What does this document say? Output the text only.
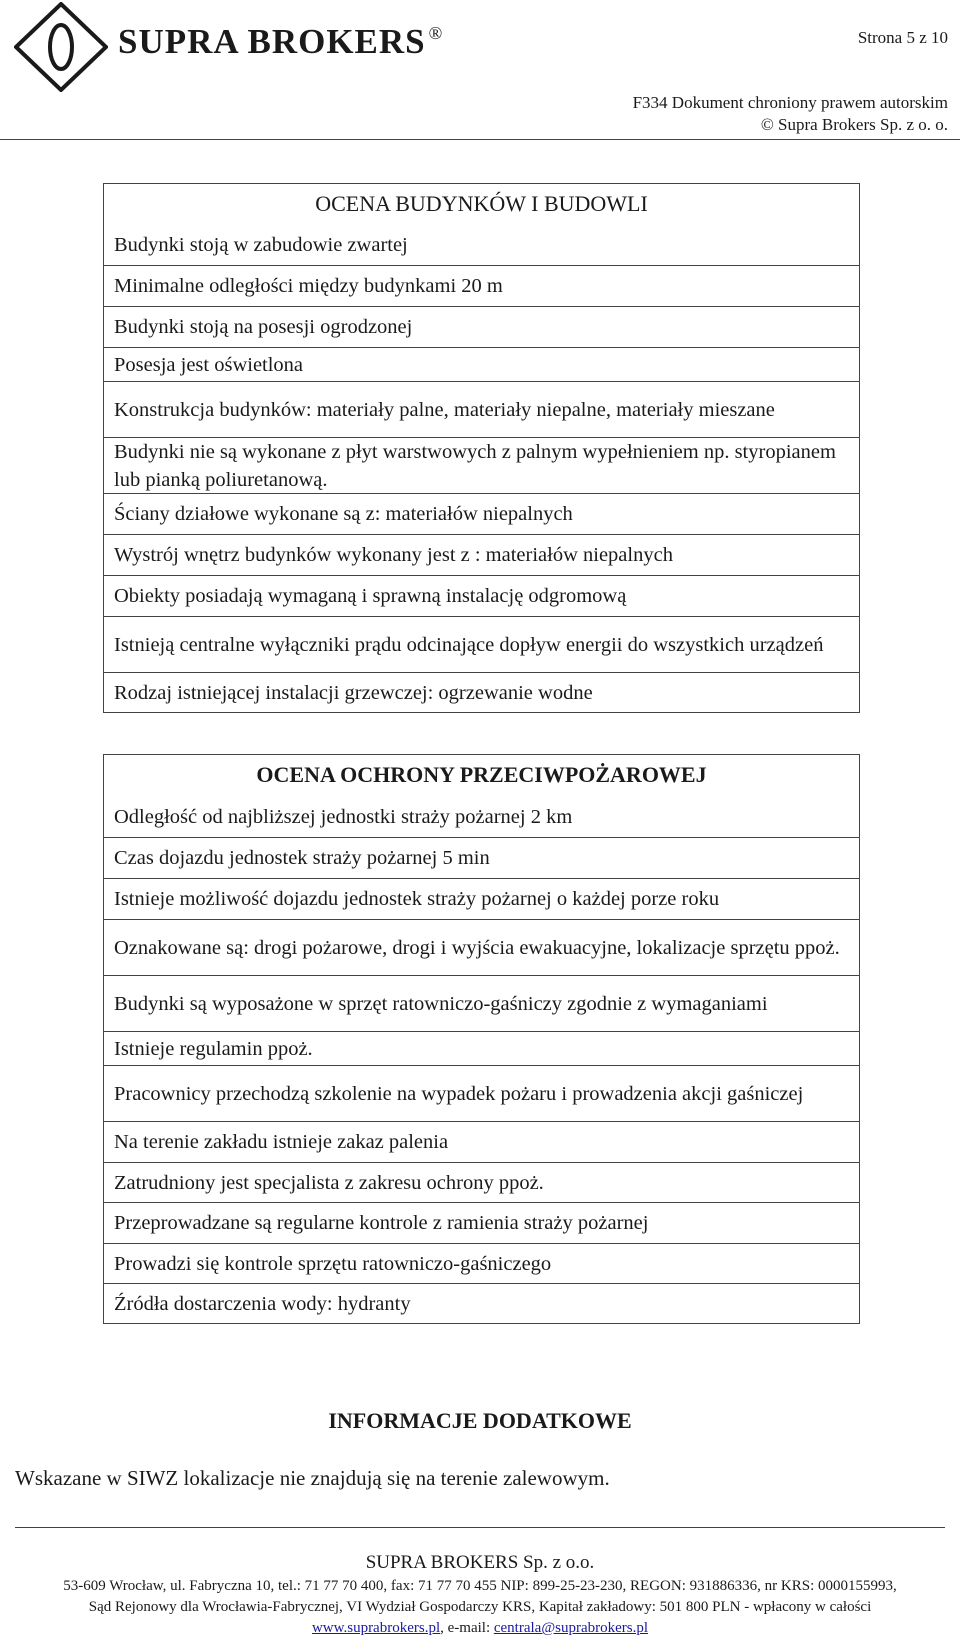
SUPRA BROKERS ®	Strona 5 z 10
F334 Dokument chroniony prawem autorskim
© Supra Brokers Sp. z o. o.
OCENA BUDYNKÓW I BUDOWLI
Budynki stoją w zabudowie zwartej
Minimalne odległości między budynkami 20 m
Budynki stoją na posesji ogrodzonej
Posesja jest oświetlona
Konstrukcja budynków: materiały palne, materiały niepalne, materiały mieszane
Budynki nie są wykonane z płyt warstwowych z palnym wypełnieniem np. styropianem lub pianką poliuretanową.
Ściany działowe wykonane są z: materiałów niepalnych
Wystrój wnętrz budynków wykonany jest z : materiałów niepalnych
Obiekty posiadają wymaganą i sprawną instalację odgromową
Istnieją centralne wyłączniki prądu odcinające dopływ energii do wszystkich urządzeń
Rodzaj istniejącej instalacji grzewczej: ogrzewanie wodne
OCENA OCHRONY PRZECIWPOŻAROWEJ
Odległość od najbliższej jednostki straży pożarnej 2 km
Czas dojazdu jednostek straży pożarnej 5 min
Istnieje możliwość dojazdu jednostek straży pożarnej o każdej porze roku
Oznakowane są: drogi pożarowe, drogi i wyjścia ewakuacyjne, lokalizacje sprzętu ppoż.
Budynki są wyposażone w sprzęt ratowniczo-gaśniczy zgodnie z wymaganiami
Istnieje regulamin ppoż.
Pracownicy przechodzą szkolenie na wypadek pożaru i prowadzenia akcji gaśniczej
Na terenie zakładu istnieje zakaz palenia
Zatrudniony jest specjalista z zakresu ochrony ppoż.
Przeprowadzane są regularne kontrole z ramienia straży pożarnej
Prowadzi się kontrole sprzętu ratowniczo-gaśniczego
Źródła dostarczenia wody: hydranty
INFORMACJE DODATKOWE
Wskazane w SIWZ lokalizacje nie znajdują się na terenie zalewowym.
SUPRA BROKERS Sp. z o.o.
53-609 Wrocław, ul. Fabryczna 10, tel.: 71 77 70 400, fax: 71 77 70 455 NIP: 899-25-23-230, REGON: 931886336, nr KRS: 0000155993,
Sąd Rejonowy dla Wrocławia-Fabrycznej, VI Wydział Gospodarczy KRS, Kapitał zakładowy: 501 800 PLN - wpłacony w całości
www.suprabrokers.pl, e-mail: centrala@suprabrokers.pl
